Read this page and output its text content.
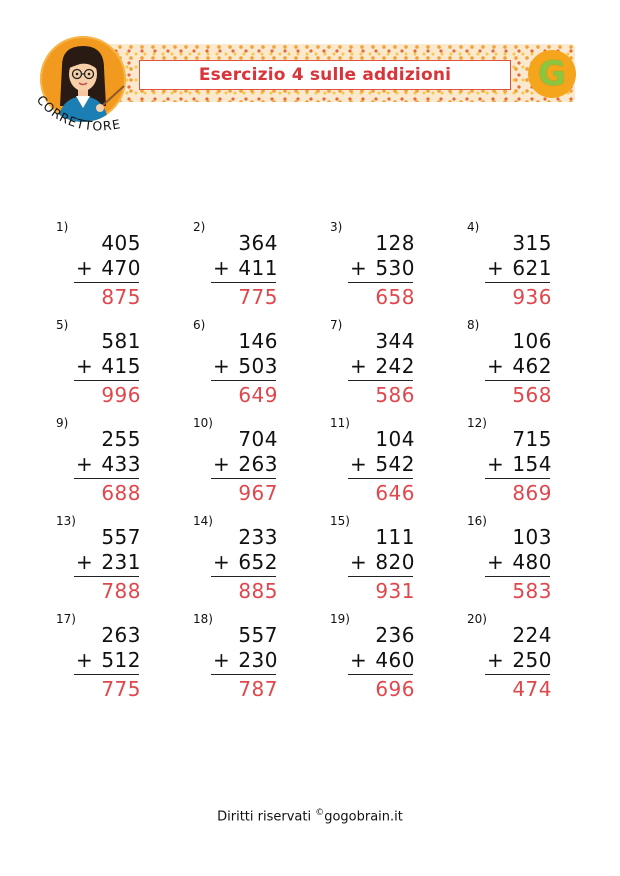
Esercizio 4 sulle addizioni
CORRETTORE
G
1)
405
+ 470
875
2)
364
+ 411
775
3)
128
+ 530
658
4)
315
+ 621
936
5)
581
+ 415
996
6)
146
+ 503
649
7)
344
+ 242
586
8)
106
+ 462
568
9)
255
+ 433
688
10)
704
+ 263
967
11)
104
+ 542
646
12)
715
+ 154
869
13)
557
+ 231
788
14)
233
+ 652
885
15)
111
+ 820
931
16)
103
+ 480
583
17)
263
+ 512
775
18)
557
+ 230
787
19)
236
+ 460
696
20)
224
+ 250
474
Diritti riservati ©gogobrain.it
